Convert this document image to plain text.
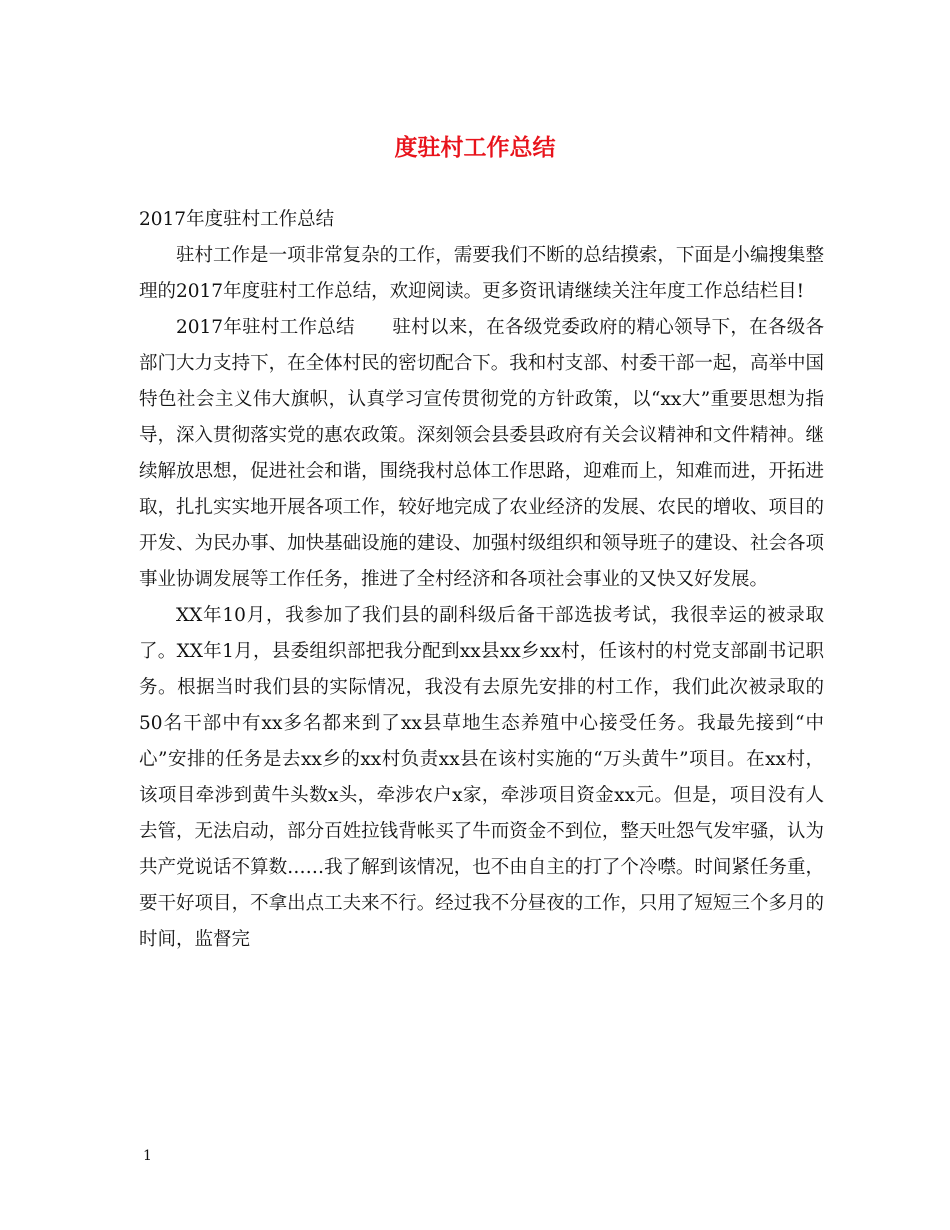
度驻村工作总结

2017年度驻村工作总结

驻村工作是一项非常复杂的工作，需要我们不断的总结摸索，下面是小编搜集整理的2017年度驻村工作总结，欢迎阅读。更多资讯请继续关注年度工作总结栏目!

2017年驻村工作总结　　驻村以来，在各级党委政府的精心领导下，在各级各部门大力支持下，在全体村民的密切配合下。我和村支部、村委干部一起，高举中国特色社会主义伟大旗帜，认真学习宣传贯彻党的方针政策，以“xx大”重要思想为指导，深入贯彻落实党的惠农政策。深刻领会县委县政府有关会议精神和文件精神。继续解放思想，促进社会和谐，围绕我村总体工作思路，迎难而上，知难而进，开拓进取，扎扎实实地开展各项工作，较好地完成了农业经济的发展、农民的增收、项目的开发、为民办事、加快基础设施的建设、加强村级组织和领导班子的建设、社会各项事业协调发展等工作任务，推进了全村经济和各项社会事业的又快又好发展。

XX年10月，我参加了我们县的副科级后备干部选拔考试，我很幸运的被录取了。XX年1月，县委组织部把我分配到xx县xx乡xx村，任该村的村党支部副书记职务。根据当时我们县的实际情况，我没有去原先安排的村工作，我们此次被录取的50名干部中有xx多名都来到了xx县草地生态养殖中心接受任务。我最先接到“中心”安排的任务是去xx乡的xx村负责xx县在该村实施的“万头黄牛”项目。在xx村，该项目牵涉到黄牛头数x头，牵涉农户x家，牵涉项目资金xx元。但是，项目没有人去管，无法启动，部分百姓拉钱背帐买了牛而资金不到位，整天吐怨气发牢骚，认为共产党说话不算数……我了解到该情况，也不由自主的打了个冷噤。时间紧任务重，要干好项目，不拿出点工夫来不行。经过我不分昼夜的工作，只用了短短三个多月的时间，监督完

1
